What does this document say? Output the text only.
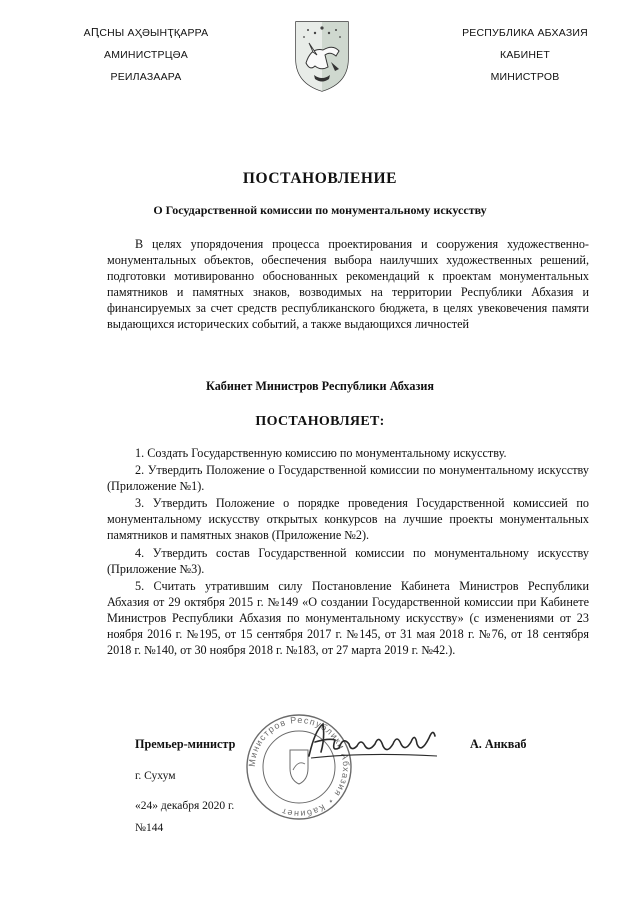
АԤСНЫ АҲӘЫНҬҚАРРА
АМИНИСТРЦӘА
РЕИЛАЗААРА
РЕСПУБЛИКА АБХАЗИЯ
КАБИНЕТ
МИНИСТРОВ
ПОСТАНОВЛЕНИЕ
О Государственной комиссии по монументальному искусству
В целях упорядочения процесса проектирования и сооружения художественно-монументальных объектов, обеспечения выбора наилучших художественных решений, подготовки мотивированно обоснованных рекомендаций к проектам монументальных памятников и памятных знаков, возводимых на территории Республики Абхазия и финансируемых за счет средств республиканского бюджета, в целях увековечения памяти выдающихся исторических событий, а также выдающихся личностей
Кабинет Министров Республики Абхазия
ПОСТАНОВЛЯЕТ:
1. Создать Государственную комиссию по монументальному искусству.
2. Утвердить Положение о Государственной комиссии по монументальному искусству (Приложение №1).
3. Утвердить Положение о порядке проведения Государственной комиссией по монументальному искусству открытых конкурсов на лучшие проекты монументальных памятников и памятных знаков (Приложение №2).
4. Утвердить состав Государственной комиссии по монументальному искусству (Приложение №3).
5. Считать утратившим силу Постановление Кабинета Министров Республики Абхазия от 29 октября 2015 г. №149 «О создании Государственной комиссии при Кабинете Министров Республики Абхазия по монументальному искусству» (с изменениями от 23 ноября 2016 г. №195, от 15 сентября 2017 г. №145, от 31 мая 2018 г. №76, от 18 сентября 2018 г. №140, от 30 ноября 2018 г. №183, от 27 марта 2019 г. №42.).
Министров Республики Абхазия ⋆ Кабинет
Премьер-министр	А. Анкваб
г. Сухум
«24» декабря 2020 г.
№144
